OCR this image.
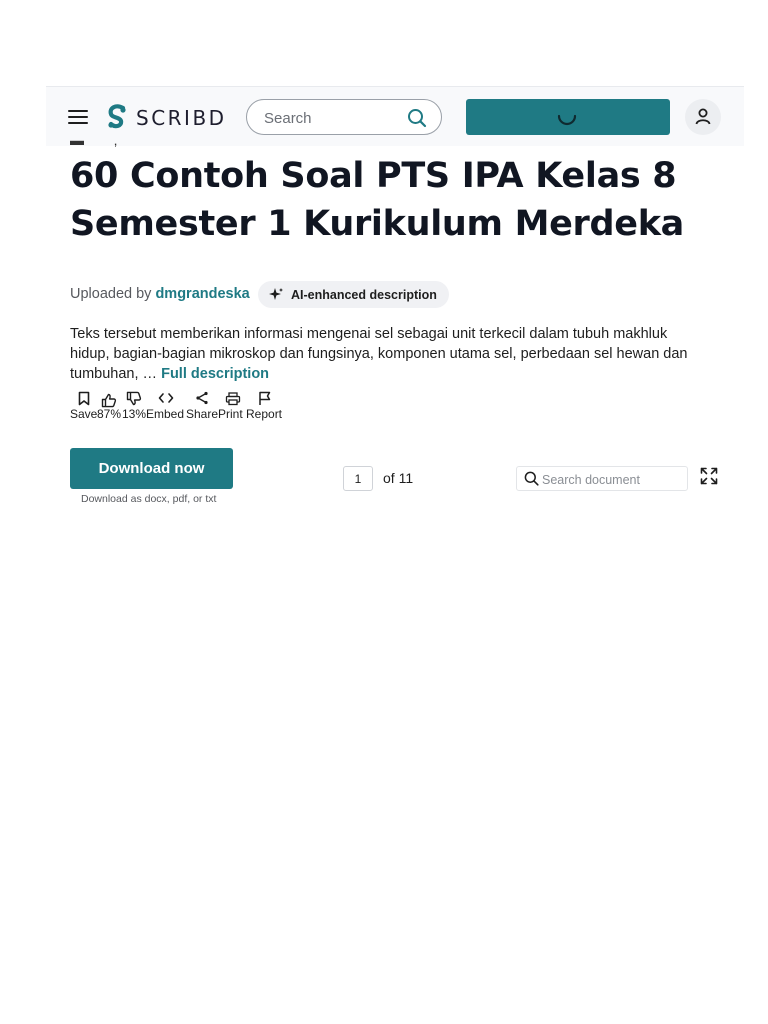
SCRIBD
Search
▬ ‚
60 Contoh Soal PTS IPA Kelas 8 Semester 1 Kurikulum Merdeka
Uploaded by dmgrandeska	AI-enhanced description
Teks tersebut memberikan informasi mengenai sel sebagai unit terkecil dalam tubuh makhluk hidup, bagian-bagian mikroskop dan fungsinya, komponen utama sel, perbedaan sel hewan dan tumbuhan, … Full description
Save 87% 13% Embed Share Print Report
Download now
Download as docx, pdf, or txt
1
of 11
Search document
